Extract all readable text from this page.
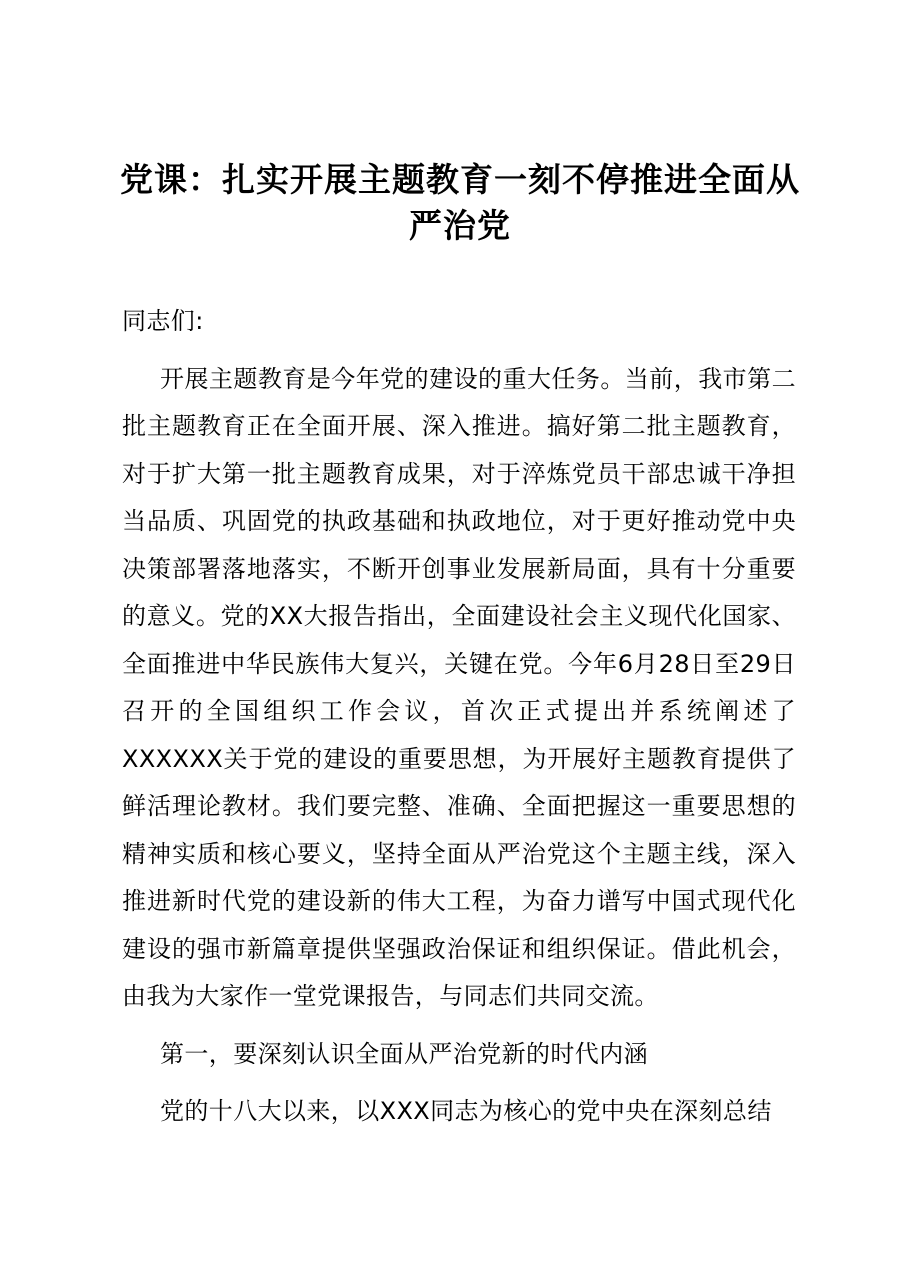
党课：扎实开展主题教育一刻不停推进全面从严治党

同志们:

开展主题教育是今年党的建设的重大任务。当前，我市第二批主题教育正在全面开展、深入推进。搞好第二批主题教育，对于扩大第一批主题教育成果，对于淬炼党员干部忠诚干净担当品质、巩固党的执政基础和执政地位，对于更好推动党中央决策部署落地落实，不断开创事业发展新局面，具有十分重要的意义。党的XX大报告指出，全面建设社会主义现代化国家、全面推进中华民族伟大复兴，关键在党。今年6月28日至29日召开的全国组织工作会议，首次正式提出并系统阐述了XXXXXX关于党的建设的重要思想，为开展好主题教育提供了鲜活理论教材。我们要完整、准确、全面把握这一重要思想的精神实质和核心要义，坚持全面从严治党这个主题主线，深入推进新时代党的建设新的伟大工程，为奋力谱写中国式现代化建设的强市新篇章提供坚强政治保证和组织保证。借此机会，由我为大家作一堂党课报告，与同志们共同交流。

第一，要深刻认识全面从严治党新的时代内涵

党的十八大以来，以XXX同志为核心的党中央在深刻总结
